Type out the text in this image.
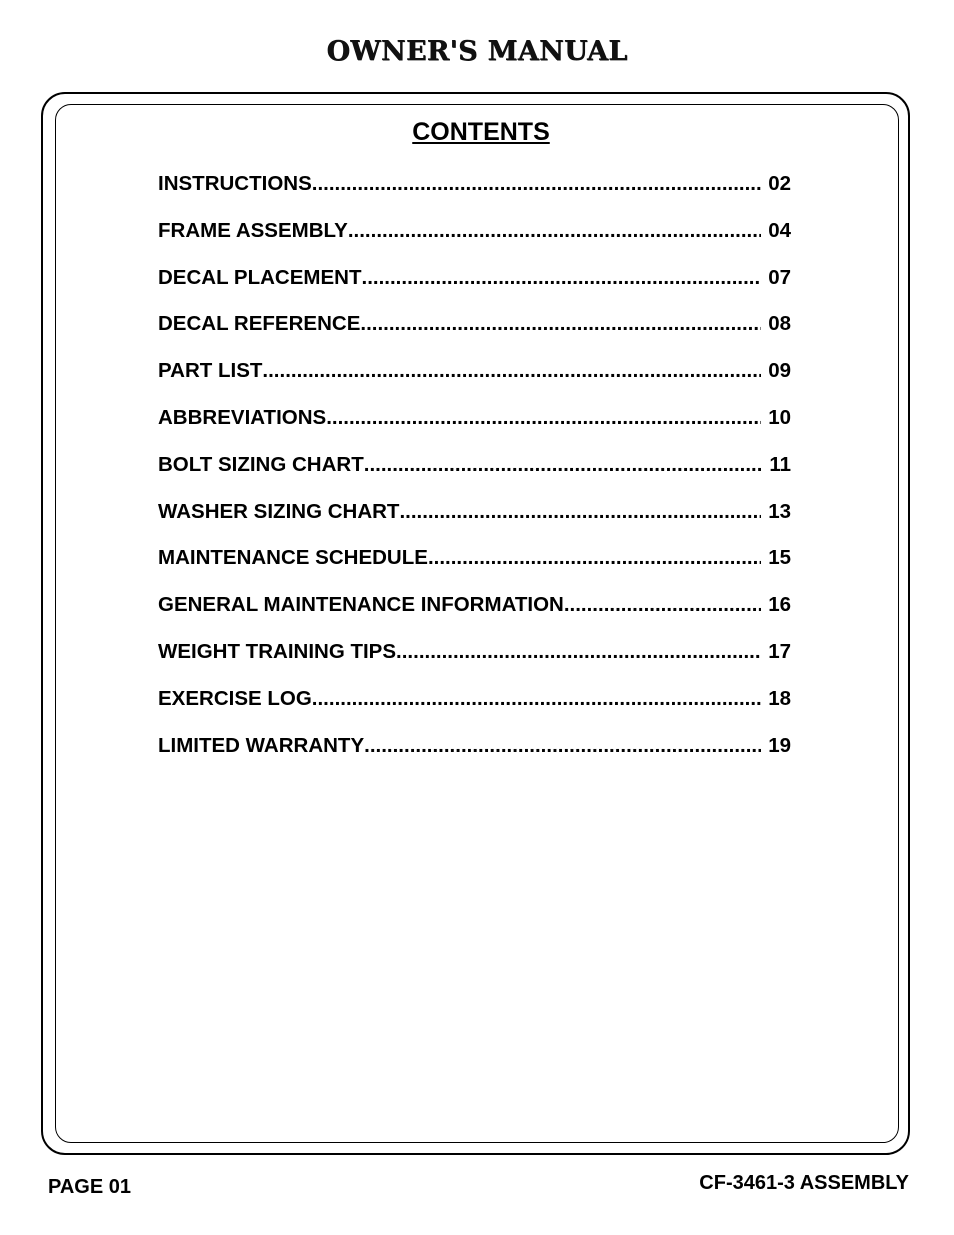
OWNER'S MANUAL
CONTENTS
INSTRUCTIONS .....	02
FRAME ASSEMBLY .....	04
DECAL PLACEMENT .....	07
DECAL REFERENCE .....	08
PART LIST .....	09
ABBREVIATIONS .....	10
BOLT SIZING CHART .....	11
WASHER SIZING CHART .....	13
MAINTENANCE SCHEDULE .....	15
GENERAL MAINTENANCE INFORMATION .....	16
WEIGHT TRAINING TIPS .....	17
EXERCISE LOG .....	18
LIMITED WARRANTY .....	19
PAGE 01	CF-3461-3 ASSEMBLY
